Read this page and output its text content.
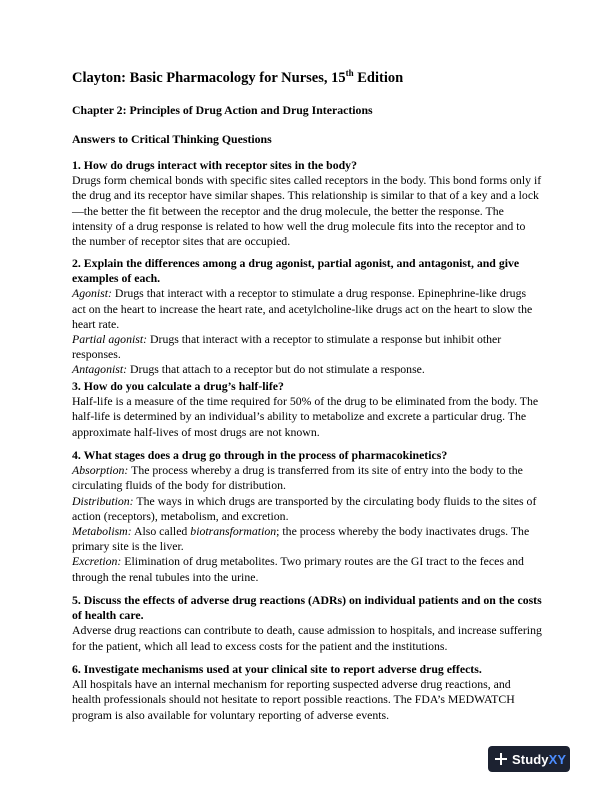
Clayton: Basic Pharmacology for Nurses, 15th Edition
Chapter 2: Principles of Drug Action and Drug Interactions
Answers to Critical Thinking Questions

1. How do drugs interact with receptor sites in the body?

Drugs form chemical bonds with specific sites called receptors in the body. This bond forms only if the drug and its receptor have similar shapes. This relationship is similar to that of a key and a lock—the better the fit between the receptor and the drug molecule, the better the response. The intensity of a drug response is related to how well the drug molecule fits into the receptor and to the number of receptor sites that are occupied.

2. Explain the differences among a drug agonist, partial agonist, and antagonist, and give examples of each.

Agonist: Drugs that interact with a receptor to stimulate a drug response. Epinephrine-like drugs act on the heart to increase the heart rate, and acetylcholine-like drugs act on the heart to slow the heart rate.

Partial agonist: Drugs that interact with a receptor to stimulate a response but inhibit other responses.

Antagonist: Drugs that attach to a receptor but do not stimulate a response.

3. How do you calculate a drug’s half-life?

Half-life is a measure of the time required for 50% of the drug to be eliminated from the body. The half-life is determined by an individual’s ability to metabolize and excrete a particular drug. The approximate half-lives of most drugs are not known.

4. What stages does a drug go through in the process of pharmacokinetics?

Absorption: The process whereby a drug is transferred from its site of entry into the body to the circulating fluids of the body for distribution.

Distribution: The ways in which drugs are transported by the circulating body fluids to the sites of action (receptors), metabolism, and excretion.

Metabolism: Also called biotransformation; the process whereby the body inactivates drugs. The primary site is the liver.

Excretion: Elimination of drug metabolites. Two primary routes are the GI tract to the feces and through the renal tubules into the urine.

5. Discuss the effects of adverse drug reactions (ADRs) on individual patients and on the costs of health care.

Adverse drug reactions can contribute to death, cause admission to hospitals, and increase suffering for the patient, which all lead to excess costs for the patient and the institutions.

6. Investigate mechanisms used at your clinical site to report adverse drug effects.

All hospitals have an internal mechanism for reporting suspected adverse drug reactions, and health professionals should not hesitate to report possible reactions. The FDA’s MEDWATCH program is also available for voluntary reporting of adverse events.

StudyXY
